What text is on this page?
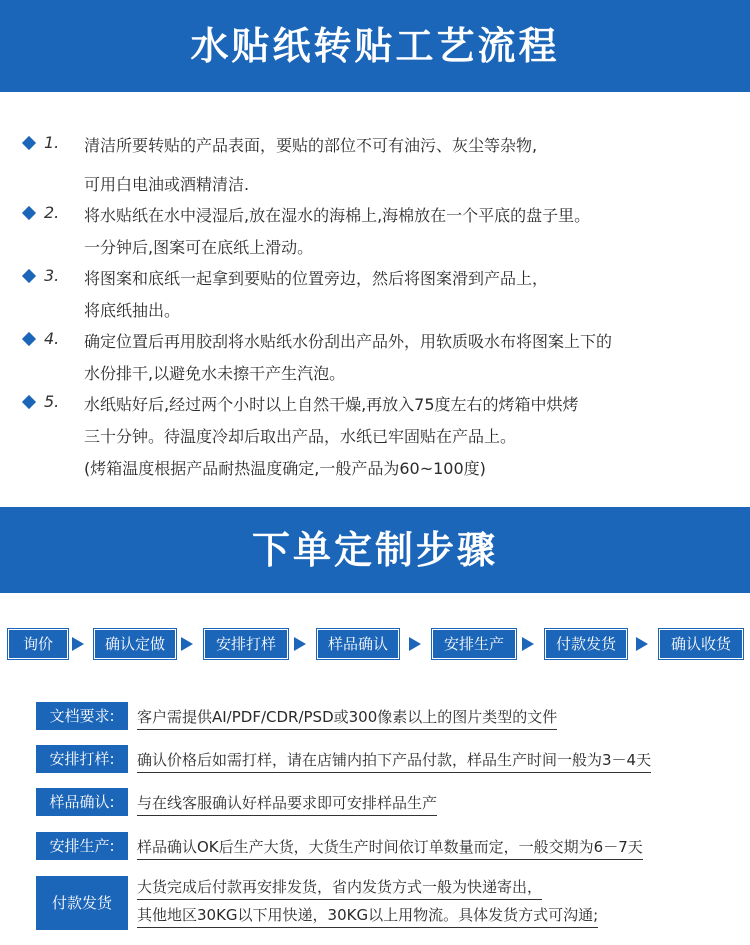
水贴纸转贴工艺流程
1. 清洁所要转贴的产品表面，要贴的部位不可有油污、灰尘等杂物,
可用白电油或酒精清洁.
2. 将水贴纸在水中浸湿后,放在湿水的海棉上,海棉放在一个平底的盘子里。
一分钟后,图案可在底纸上滑动。
3. 将图案和底纸一起拿到要贴的位置旁边，然后将图案滑到产品上，
将底纸抽出。
4. 确定位置后再用胶刮将水贴纸水份刮出产品外，用软质吸水布将图案上下的
水份排干,以避免水未擦干产生汽泡。
5. 水纸贴好后,经过两个小时以上自然干燥,再放入75度左右的烤箱中烘烤
三十分钟。待温度冷却后取出产品，水纸已牢固贴在产品上。
(烤箱温度根据产品耐热温度确定,一般产品为60~100度)
下单定制步骤
询价	确认定做	安排打样	样品确认	安排生产	付款发货	确认收货
文档要求:	客户需提供AI/PDF/CDR/PSD或300像素以上的图片类型的文件
安排打样:	确认价格后如需打样，请在店铺内拍下产品付款，样品生产时间一般为3－4天
样品确认:	与在线客服确认好样品要求即可安排样品生产
安排生产:	样品确认OK后生产大货，大货生产时间依订单数量而定，一般交期为6－7天
付款发货
大货完成后付款再安排发货，省内发货方式一般为快递寄出，
其他地区30KG以下用快递，30KG以上用物流。具体发货方式可沟通;
